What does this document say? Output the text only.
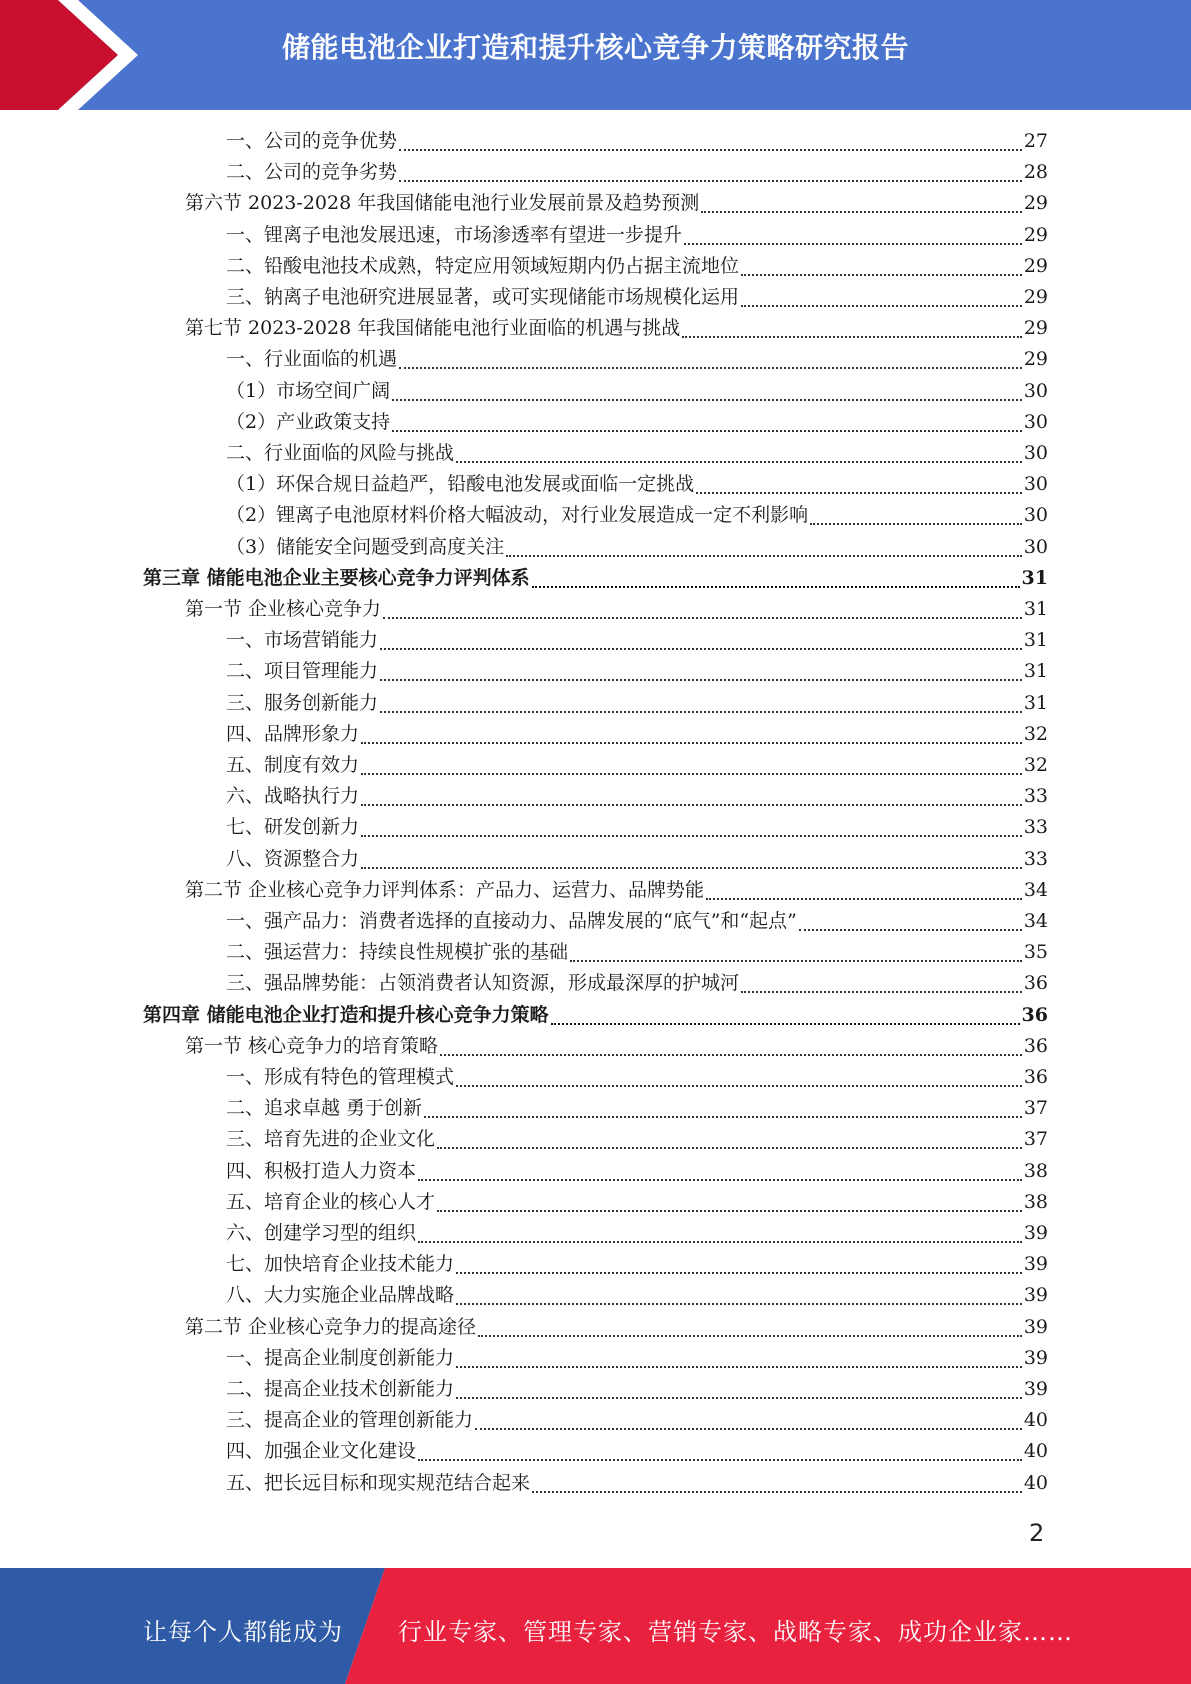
储能电池企业打造和提升核心竞争力策略研究报告
一、公司的竞争优势	27
二、公司的竞争劣势	28
第六节 2023-2028 年我国储能电池行业发展前景及趋势预测	29
一、锂离子电池发展迅速，市场渗透率有望进一步提升	29
二、铅酸电池技术成熟，特定应用领域短期内仍占据主流地位	29
三、钠离子电池研究进展显著，或可实现储能市场规模化运用	29
第七节 2023-2028 年我国储能电池行业面临的机遇与挑战	29
一、行业面临的机遇	29
（1）市场空间广阔	30
（2）产业政策支持	30
二、行业面临的风险与挑战	30
（1）环保合规日益趋严，铅酸电池发展或面临一定挑战	30
（2）锂离子电池原材料价格大幅波动，对行业发展造成一定不利影响	30
（3）储能安全问题受到高度关注	30
第三章 储能电池企业主要核心竞争力评判体系	31
第一节 企业核心竞争力	31
一、市场营销能力	31
二、项目管理能力	31
三、服务创新能力	31
四、品牌形象力	32
五、制度有效力	32
六、战略执行力	33
七、研发创新力	33
八、资源整合力	33
第二节 企业核心竞争力评判体系：产品力、运营力、品牌势能	34
一、强产品力：消费者选择的直接动力、品牌发展的“底气”和“起点”	34
二、强运营力：持续良性规模扩张的基础	35
三、强品牌势能：占领消费者认知资源，形成最深厚的护城河	36
第四章 储能电池企业打造和提升核心竞争力策略	36
第一节 核心竞争力的培育策略	36
一、形成有特色的管理模式	36
二、追求卓越 勇于创新	37
三、培育先进的企业文化	37
四、积极打造人力资本	38
五、培育企业的核心人才	38
六、创建学习型的组织	39
七、加快培育企业技术能力	39
八、大力实施企业品牌战略	39
第二节 企业核心竞争力的提高途径	39
一、提高企业制度创新能力	39
二、提高企业技术创新能力	39
三、提高企业的管理创新能力	40
四、加强企业文化建设	40
五、把长远目标和现实规范结合起来	40
2
让每个人都能成为 行业专家、管理专家、营销专家、战略专家、成功企业家……
